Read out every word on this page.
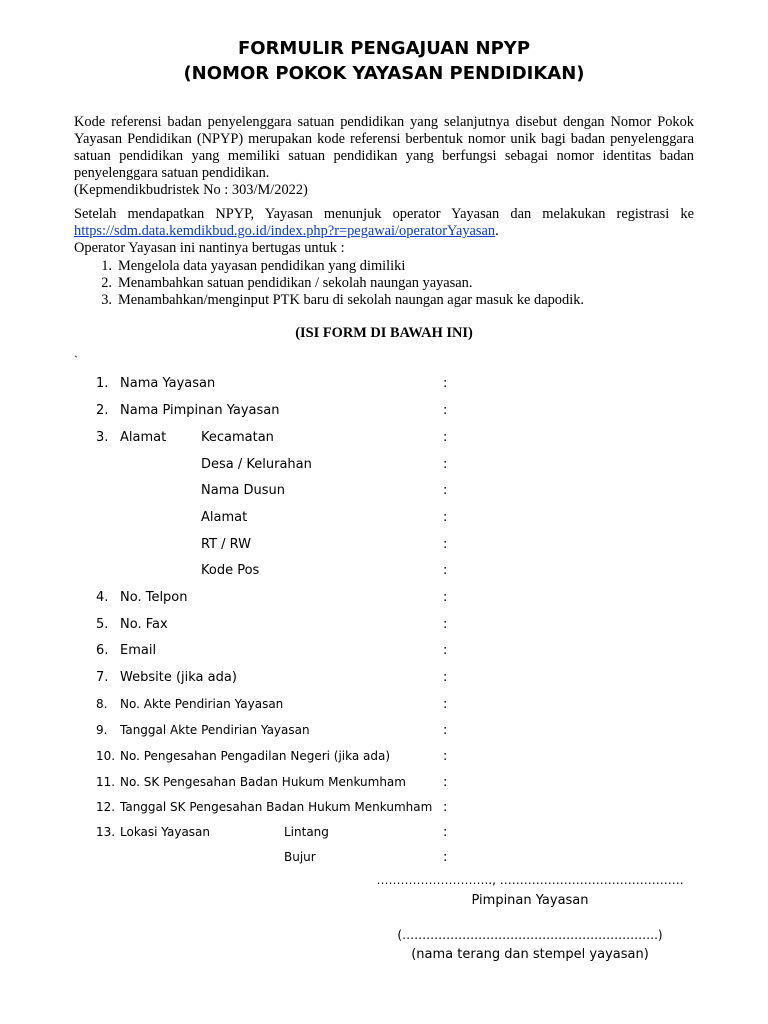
FORMULIR PENGAJUAN NPYP
(NOMOR POKOK YAYASAN PENDIDIKAN)
Kode referensi badan penyelenggara satuan pendidikan yang selanjutnya disebut dengan Nomor Pokok Yayasan Pendidikan (NPYP) merupakan kode referensi berbentuk nomor unik bagi badan penyelenggara satuan pendidikan yang memiliki satuan pendidikan yang berfungsi sebagai nomor identitas badan penyelenggara satuan pendidikan.
(Kepmendikbudristek No : 303/M/2022)
Setelah mendapatkan NPYP, Yayasan menunjuk operator Yayasan dan melakukan registrasi ke https://sdm.data.kemdikbud.go.id/index.php?r=pegawai/operatorYayasan.
Operator Yayasan ini nantinya bertugas untuk :
1. Mengelola data yayasan pendidikan yang dimiliki
2. Menambahkan satuan pendidikan / sekolah naungan yayasan.
3. Menambahkan/menginput PTK baru di sekolah naungan agar masuk ke dapodik.
(ISI FORM DI BAWAH INI)
`
1. Nama Yayasan	:
2. Nama Pimpinan Yayasan	:
3. Alamat	Kecamatan	:
Desa / Kelurahan	:
Nama Dusun	:
Alamat	:
RT / RW	:
Kode Pos	:
4. No. Telpon	:
5. No. Fax	:
6. Email	:
7. Website (jika ada)	:
8. No. Akte Pendirian Yayasan	:
9. Tanggal Akte Pendirian Yayasan	:
10. No. Pengesahan Pengadilan Negeri (jika ada)	:
11. No. SK Pengesahan Badan Hukum Menkumham	:
12. Tanggal SK Pengesahan Badan Hukum Menkumham :
13. Lokasi Yayasan	Lintang	:
Bujur	:
……………………….., ……………………………………….
Pimpinan Yayasan
(……………………………………………………….)
(nama terang dan stempel yayasan)
